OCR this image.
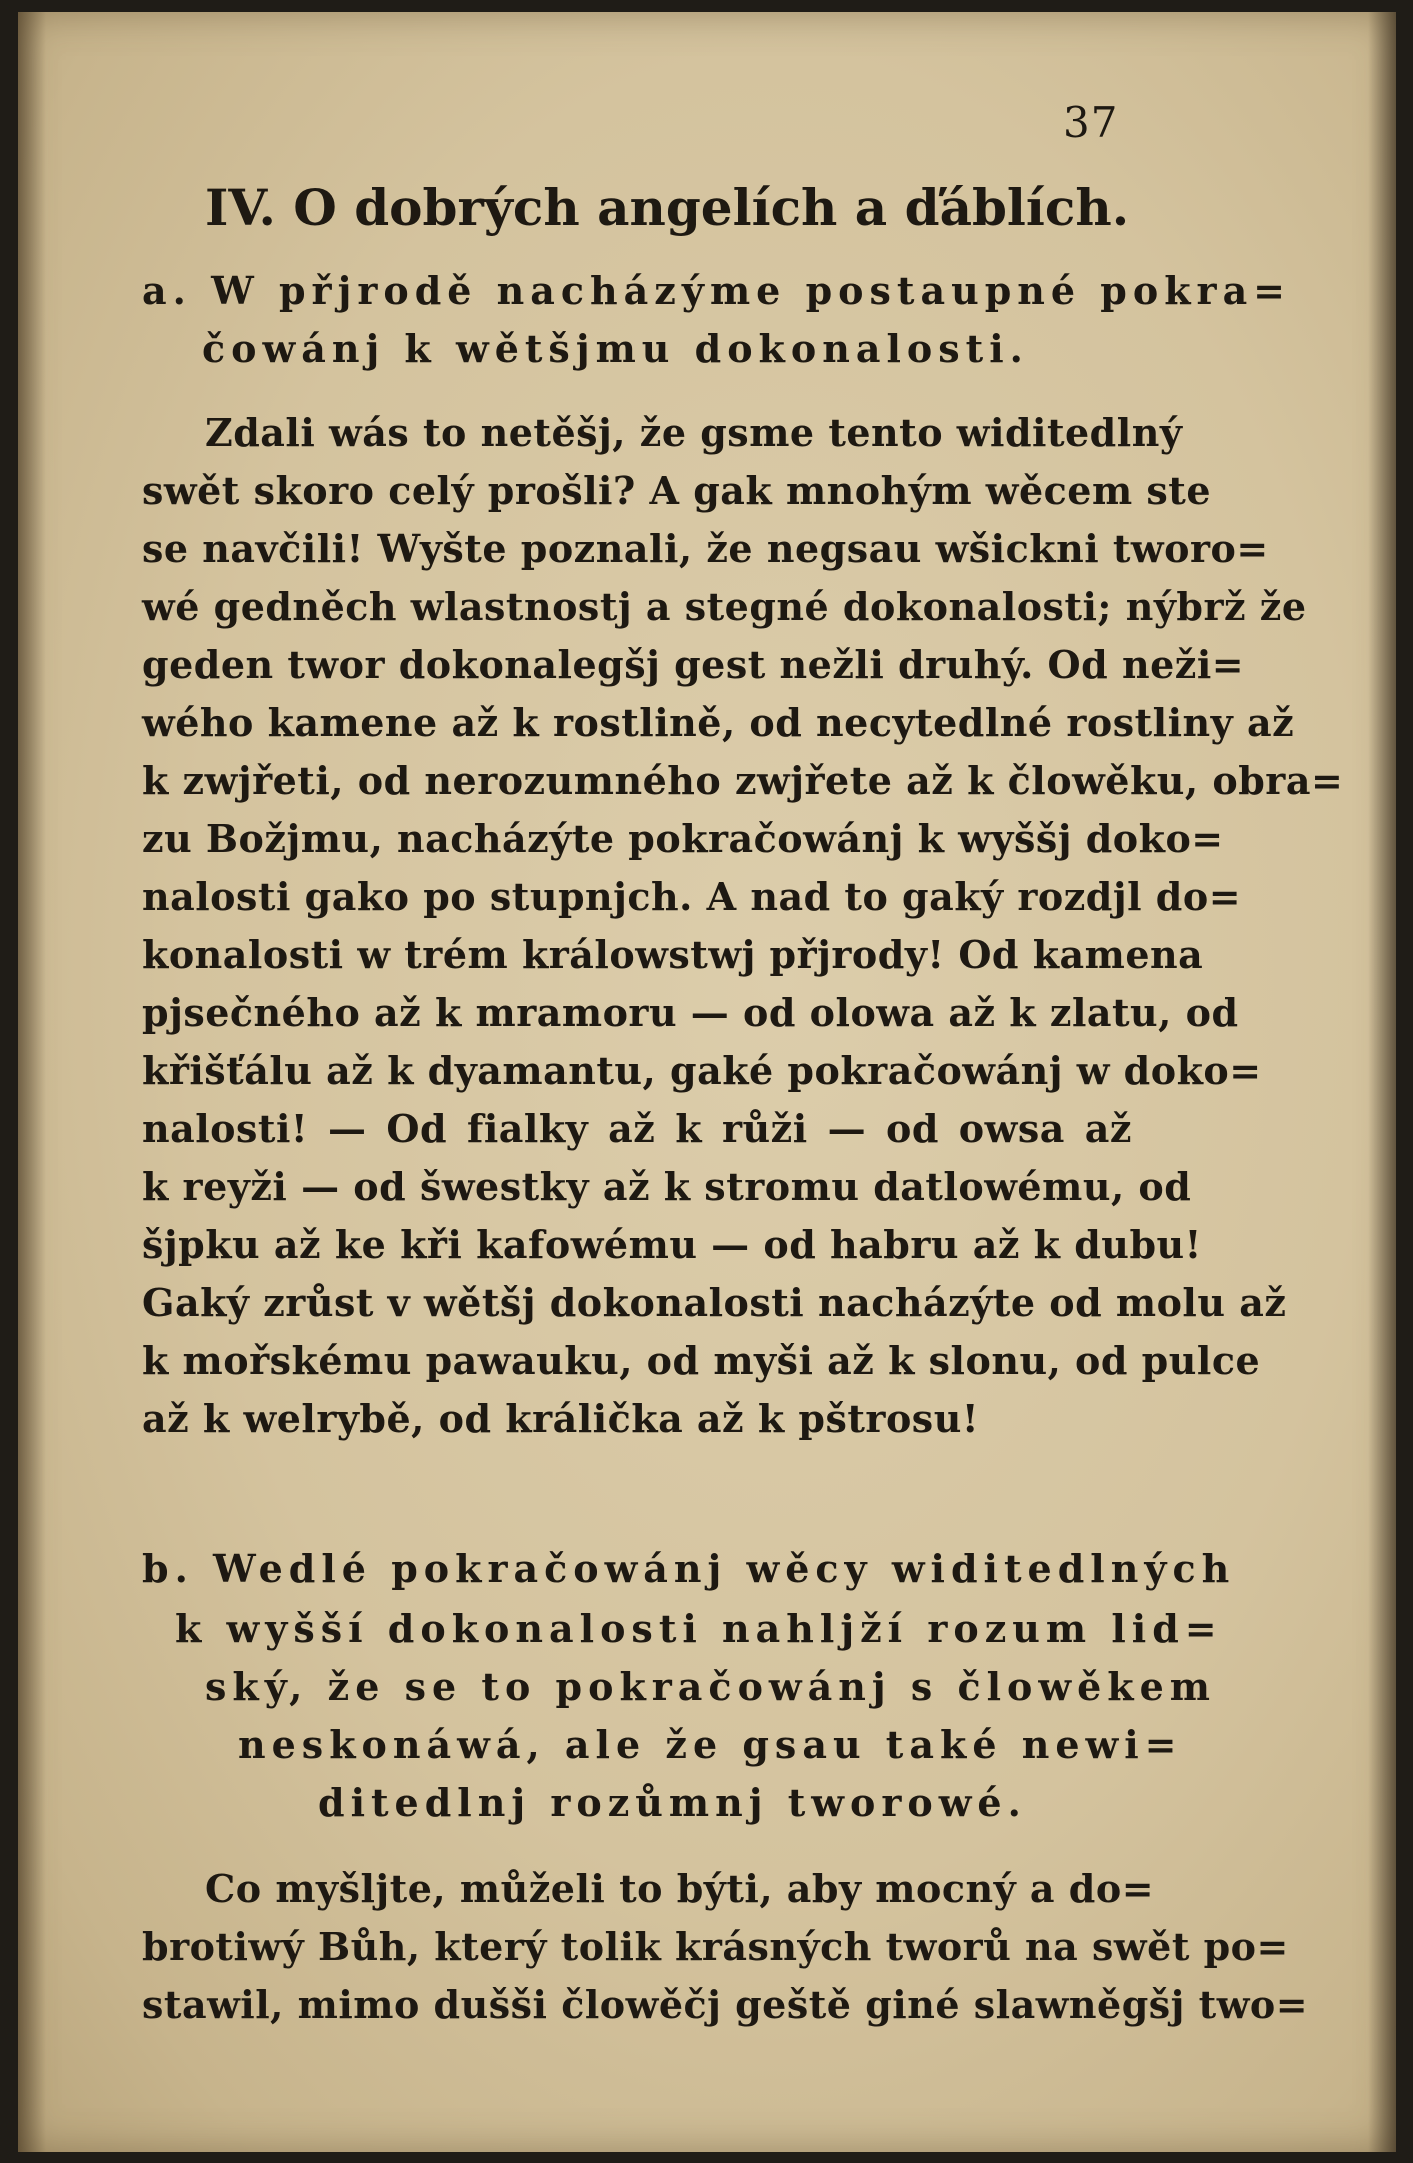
37
IV. O dobrých angelích a ďáblích.
a. W přjrodě nacházýme postaupné pokra=
čowánj k wětšjmu dokonalosti.
Zdali wás to netěšj, že gsme tento widitedlný
swět skoro celý prošli? A gak mnohým wěcem ste
se navčili! Wyšte poznali, že negsau wšickni tworo=
wé gedněch wlastnostj a stegné dokonalosti; nýbrž že
geden twor dokonalegšj gest nežli druhý. Od neži=
wého kamene až k rostlině, od necytedlné rostliny až
k zwjřeti, od nerozumného zwjřete až k člowěku, obra=
zu Božjmu, nacházýte pokračowánj k wyššj doko=
nalosti gako po stupnjch. A nad to gaký rozdjl do=
konalosti w trém králowstwj přjrody! Od kamena
pjsečného až k mramoru — od olowa až k zlatu, od
křišťálu až k dyamantu, gaké pokračowánj w doko=
nalosti! — Od fialky až k růži — od owsa až
k reyži — od šwestky až k stromu datlowému, od
šjpku až ke kři kafowému — od habru až k dubu!
Gaký zrůst v wětšj dokonalosti nacházýte od molu až
k mořskému pawauku, od myši až k slonu, od pulce
až k welrybě, od králička až k pštrosu!
b. Wedlé pokračowánj wěcy widitedlných
k wyšší dokonalosti nahljží rozum lid=
ský, že se to pokračowánj s člowěkem
neskonáwá, ale že gsau také newi=
ditedlnj rozůmnj tworowé.
Co myšljte, můželi to býti, aby mocný a do=
brotiwý Bůh, který tolik krásných tworů na swět po=
stawil, mimo dušši člowěčj geště giné slawněgšj two=
